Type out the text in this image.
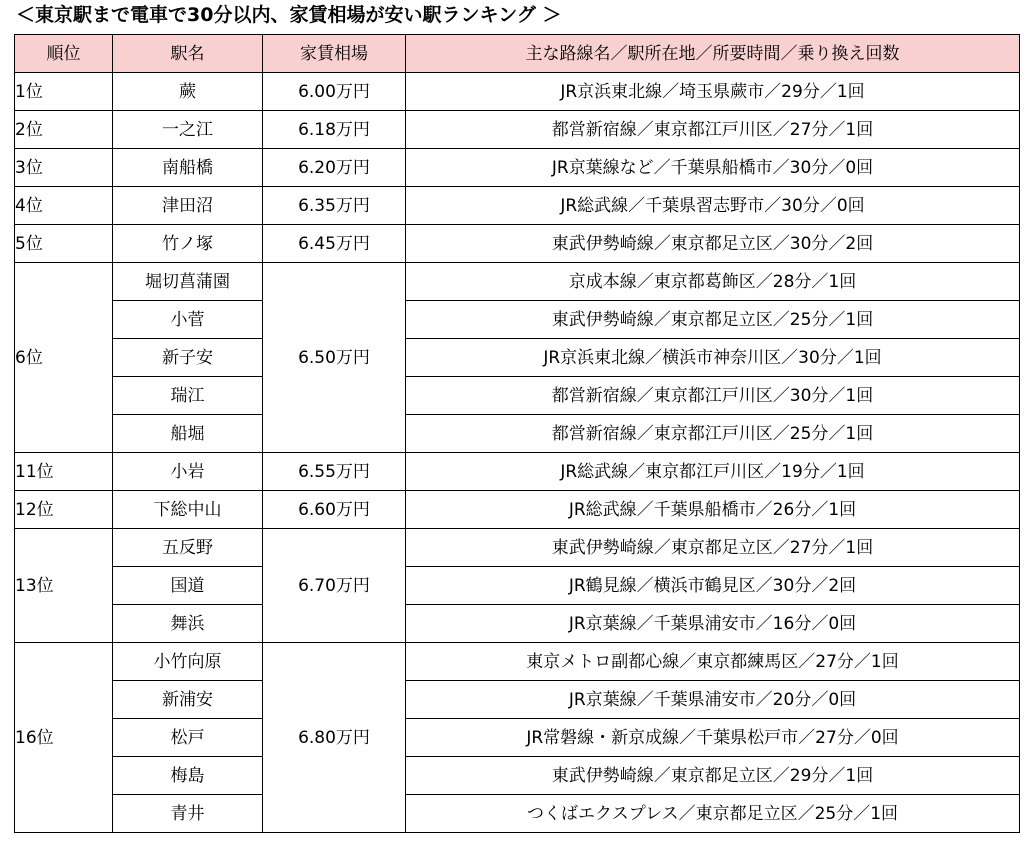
＜東京駅まで電車で30分以内、家賃相場が安い駅ランキング ＞
順位	駅名	家賃相場	主な路線名／駅所在地／所要時間／乗り換え回数
1位	蕨	6.00万円	JR京浜東北線／埼玉県蕨市／29分／1回
2位	一之江	6.18万円	都営新宿線／東京都江戸川区／27分／1回
3位	南船橋	6.20万円	JR京葉線など／千葉県船橋市／30分／0回
4位	津田沼	6.35万円	JR総武線／千葉県習志野市／30分／0回
5位	竹ノ塚	6.45万円	東武伊勢崎線／東京都足立区／30分／2回
6位	堀切菖蒲園	6.50万円	京成本線／東京都葛飾区／28分／1回
	小菅		東武伊勢崎線／東京都足立区／25分／1回
	新子安		JR京浜東北線／横浜市神奈川区／30分／1回
	瑞江		都営新宿線／東京都江戸川区／30分／1回
	船堀		都営新宿線／東京都江戸川区／25分／1回
11位	小岩	6.55万円	JR総武線／東京都江戸川区／19分／1回
12位	下総中山	6.60万円	JR総武線／千葉県船橋市／26分／1回
13位	五反野	6.70万円	東武伊勢崎線／東京都足立区／27分／1回
	国道		JR鶴見線／横浜市鶴見区／30分／2回
	舞浜		JR京葉線／千葉県浦安市／16分／0回
16位	小竹向原	6.80万円	東京メトロ副都心線／東京都練馬区／27分／1回
	新浦安		JR京葉線／千葉県浦安市／20分／0回
	松戸		JR常磐線・新京成線／千葉県松戸市／27分／0回
	梅島		東武伊勢崎線／東京都足立区／29分／1回
	青井		つくばエクスプレス／東京都足立区／25分／1回
